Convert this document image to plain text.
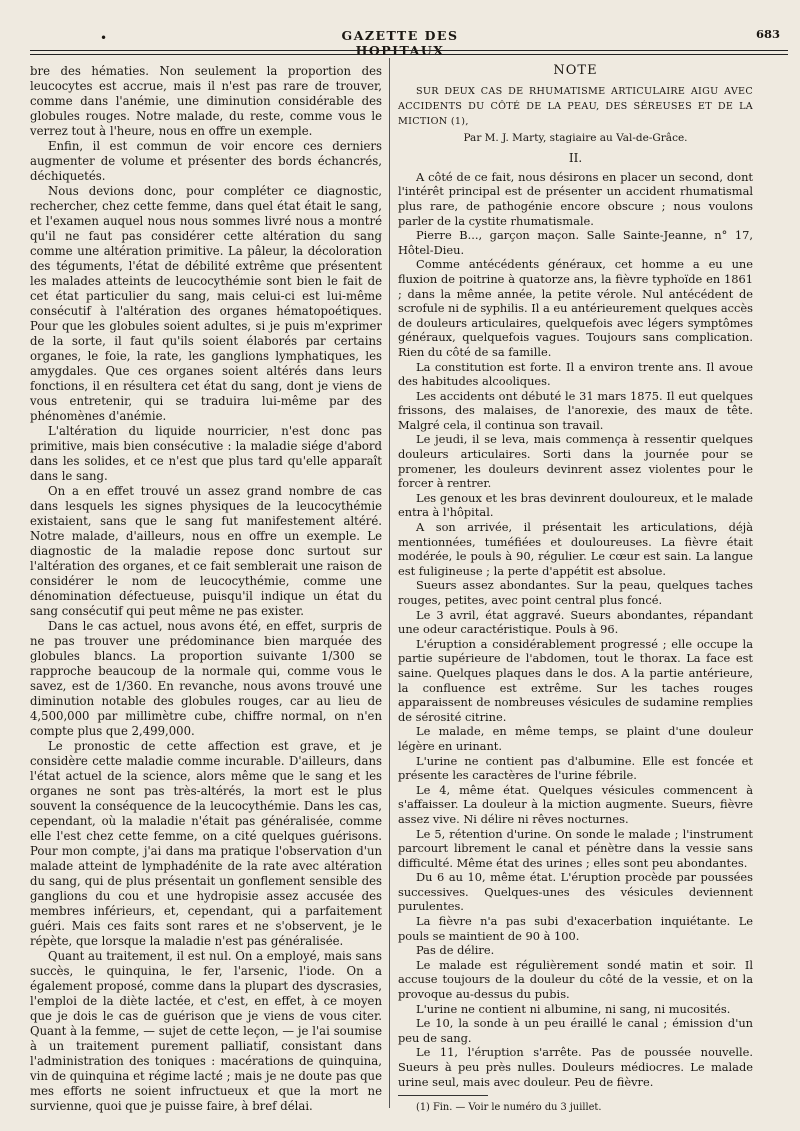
•	GAZETTE DES HOPITAUX
683

bre des hématies. Non seulement la proportion des leucocytes est accrue, mais il n'est pas rare de trouver, comme dans l'anémie, une diminution considérable des globules rouges. Notre malade, du reste, comme vous le verrez tout à l'heure, nous en offre un exemple.

Enfin, il est commun de voir encore ces derniers augmenter de volume et présenter des bords échancrés, déchiquetés.

Nous devions donc, pour compléter ce diagnostic, rechercher, chez cette femme, dans quel état était le sang, et l'examen auquel nous nous sommes livré nous a montré qu'il ne faut pas considérer cette altération du sang comme une altération primitive. La pâleur, la décoloration des téguments, l'état de débilité extrême que présentent les malades atteints de leucocythémie sont bien le fait de cet état particulier du sang, mais celui-ci est lui-même consécutif à l'altération des organes hématopoétiques. Pour que les globules soient adultes, si je puis m'exprimer de la sorte, il faut qu'ils soient élaborés par certains organes, le foie, la rate, les ganglions lymphatiques, les amygdales. Que ces organes soient altérés dans leurs fonctions, il en résultera cet état du sang, dont je viens de vous entretenir, qui se traduira lui-même par des phénomènes d'anémie.

L'altération du liquide nourricier, n'est donc pas primitive, mais bien consécutive : la maladie siége d'abord dans les solides, et ce n'est que plus tard qu'elle apparaît dans le sang.

On a en effet trouvé un assez grand nombre de cas dans lesquels les signes physiques de la leucocythémie existaient, sans que le sang fut manifestement altéré. Notre malade, d'ailleurs, nous en offre un exemple. Le diagnostic de la maladie repose donc surtout sur l'altération des organes, et ce fait semblerait une raison de considérer le nom de leucocythémie, comme une dénomination défectueuse, puisqu'il indique un état du sang consécutif qui peut même ne pas exister.

Dans le cas actuel, nous avons été, en effet, surpris de ne pas trouver une prédominance bien marquée des globules blancs. La proportion suivante 1/300 se rapproche beaucoup de la normale qui, comme vous le savez, est de 1/360. En revanche, nous avons trouvé une diminution notable des globules rouges, car au lieu de 4,500,000 par millimètre cube, chiffre normal, on n'en compte plus que 2,499,000.

Le pronostic de cette affection est grave, et je considère cette maladie comme incurable. D'ailleurs, dans l'état actuel de la science, alors même que le sang et les organes ne sont pas très-altérés, la mort est le plus souvent la conséquence de la leucocythémie. Dans les cas, cependant, où la maladie n'était pas généralisée, comme elle l'est chez cette femme, on a cité quelques guérisons. Pour mon compte, j'ai dans ma pratique l'observation d'un malade atteint de lymphadénite de la rate avec altération du sang, qui de plus présentait un gonflement sensible des ganglions du cou et une hydropisie assez accusée des membres inférieurs, et, cependant, qui a parfaitement guéri. Mais ces faits sont rares et ne s'observent, je le répète, que lorsque la maladie n'est pas généralisée.

Quant au traitement, il est nul. On a employé, mais sans succès, le quinquina, le fer, l'arsenic, l'iode. On a également proposé, comme dans la plupart des dyscrasies, l'emploi de la diète lactée, et c'est, en effet, à ce moyen que je dois le cas de guérison que je viens de vous citer. Quant à la femme, — sujet de cette leçon, — je l'ai soumise à un traitement purement palliatif, consistant dans l'administration des toniques : macérations de quinquina, vin de quinquina et régime lacté ; mais je ne doute pas que mes efforts ne soient infructueux et que la mort ne survienne, quoi que je puisse faire, à bref délai.

NOTE

SUR DEUX CAS DE RHUMATISME ARTICULAIRE AIGU AVEC ACCIDENTS DU CÔTÉ DE LA PEAU, DES SÉREUSES ET DE LA MICTION (1),

Par M. J. Marty, stagiaire au Val-de-Grâce.
II.

A côté de ce fait, nous désirons en placer un second, dont l'intérêt principal est de présenter un accident rhumatismal plus rare, de pathogénie encore obscure ; nous voulons parler de la cystite rhumatismale.

Pierre B..., garçon maçon. Salle Sainte-Jeanne, n° 17, Hôtel-Dieu.

Comme antécédents généraux, cet homme a eu une fluxion de poitrine à quatorze ans, la fièvre typhoïde en 1861 ; dans la même année, la petite vérole. Nul antécédent de scrofule ni de syphilis. Il a eu antérieurement quelques accès de douleurs articulaires, quelquefois avec légers symptômes généraux, quelquefois vagues. Toujours sans complication. Rien du côté de sa famille.

La constitution est forte. Il a environ trente ans. Il avoue des habitudes alcooliques.

Les accidents ont débuté le 31 mars 1875. Il eut quelques frissons, des malaises, de l'anorexie, des maux de tête. Malgré cela, il continua son travail.

Le jeudi, il se leva, mais commença à ressentir quelques douleurs articulaires. Sorti dans la journée pour se promener, les douleurs devinrent assez violentes pour le forcer à rentrer.

Les genoux et les bras devinrent douloureux, et le malade entra à l'hôpital.

A son arrivée, il présentait les articulations, déjà mentionnées, tuméfiées et douloureuses. La fièvre était modérée, le pouls à 90, régulier. Le cœur est sain. La langue est fuligineuse ; la perte d'appétit est absolue.

Sueurs assez abondantes. Sur la peau, quelques taches rouges, petites, avec point central plus foncé.

Le 3 avril, état aggravé. Sueurs abondantes, répandant une odeur caractéristique. Pouls à 96.

L'éruption a considérablement progressé ; elle occupe la partie supérieure de l'abdomen, tout le thorax. La face est saine. Quelques plaques dans le dos. A la partie antérieure, la confluence est extrême. Sur les taches rouges apparaissent de nombreuses vésicules de sudamine remplies de sérosité citrine.

Le malade, en même temps, se plaint d'une douleur légère en urinant.

L'urine ne contient pas d'albumine. Elle est foncée et présente les caractères de l'urine fébrile.

Le 4, même état. Quelques vésicules commencent à s'affaisser. La douleur à la miction augmente. Sueurs, fièvre assez vive. Ni délire ni rêves nocturnes.

Le 5, rétention d'urine. On sonde le malade ; l'instrument parcourt librement le canal et pénètre dans la vessie sans difficulté. Même état des urines ; elles sont peu abondantes.

Du 6 au 10, même état. L'éruption procède par poussées successives. Quelques-unes des vésicules deviennent purulentes.

La fièvre n'a pas subi d'exacerbation inquiétante. Le pouls se maintient de 90 à 100.

Pas de délire.

Le malade est régulièrement sondé matin et soir. Il accuse toujours de la douleur du côté de la vessie, et on la provoque au-dessus du pubis.

L'urine ne contient ni albumine, ni sang, ni mucosités.

Le 10, la sonde à un peu éraillé le canal ; émission d'un peu de sang.

Le 11, l'éruption s'arrête. Pas de poussée nouvelle. Sueurs à peu près nulles. Douleurs médiocres. Le malade urine seul, mais avec douleur. Peu de fièvre.

(1) Fin. — Voir le numéro du 3 juillet.
